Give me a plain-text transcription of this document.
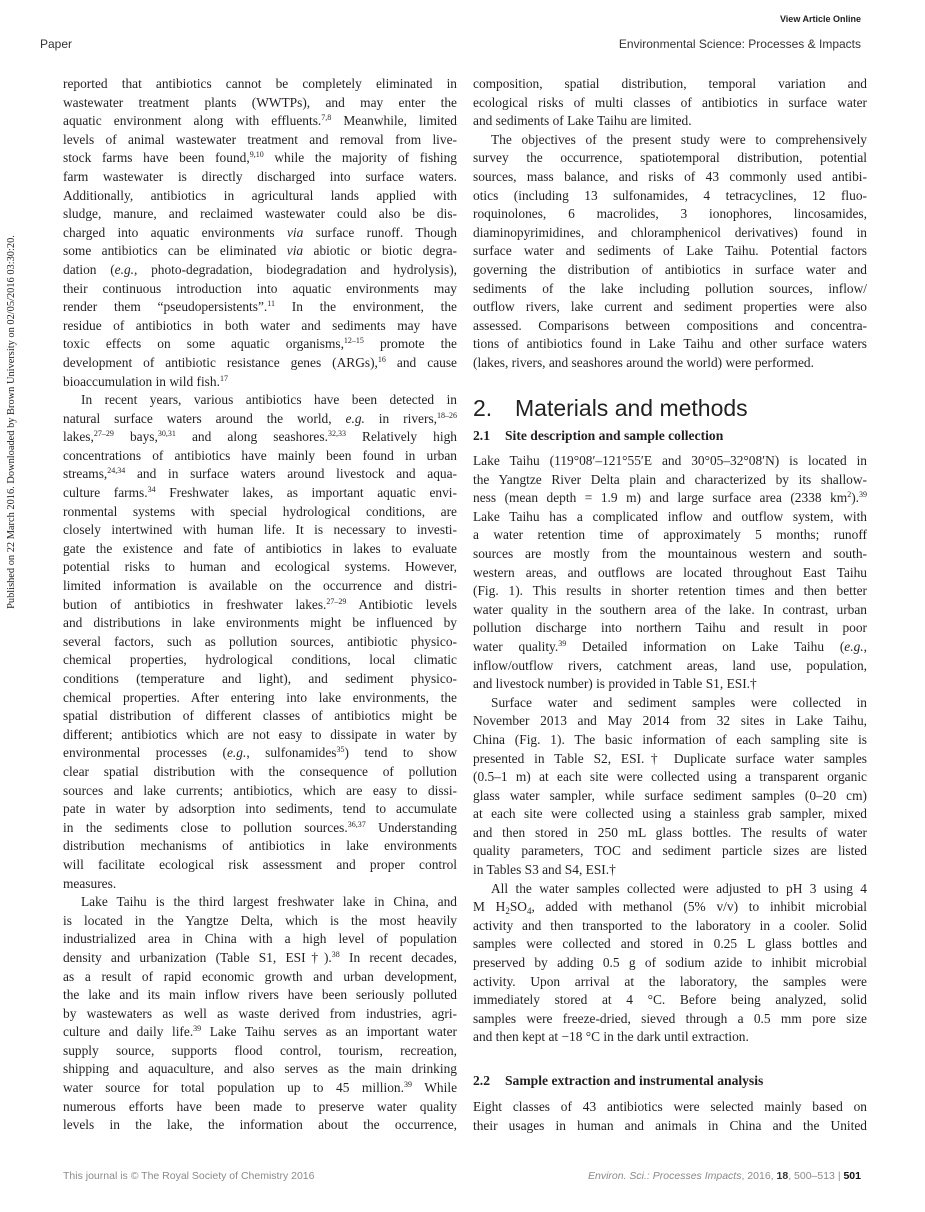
View Article Online
Paper	Environmental Science: Processes & Impacts
Published on 22 March 2016. Downloaded by Brown University on 02/05/2016 03:30:20.
reported that antibiotics cannot be completely eliminated in
wastewater treatment plants (WWTPs), and may enter the
aquatic environment along with effluents.$^{7,8}$ Meanwhile, limited
levels of animal wastewater treatment and removal from live-
stock farms have been found,$^{9,10}$ while the majority of fishing
farm wastewater is directly discharged into surface waters.
Additionally, antibiotics in agricultural lands applied with
sludge, manure, and reclaimed wastewater could also be dis-
charged into aquatic environments via surface runoff. Though
some antibiotics can be eliminated via abiotic or biotic degra-
dation (e.g., photo-degradation, biodegradation and hydrolysis),
their continuous introduction into aquatic environments may
render them “pseudopersistents”.$^{11}$ In the environment, the
residue of antibiotics in both water and sediments may have
toxic effects on some aquatic organisms,$^{12-15}$ promote the
development of antibiotic resistance genes (ARGs),$^{16}$ and cause
bioaccumulation in wild fish.$^{17}$
In recent years, various antibiotics have been detected in
natural surface waters around the world, e.g. in rivers,$^{18-26}$
lakes,$^{27-29}$ bays,$^{30,31}$ and along seashores.$^{32,33}$ Relatively high
concentrations of antibiotics have mainly been found in urban
streams,$^{24,34}$ and in surface waters around livestock and aqua-
culture farms.$^{34}$ Freshwater lakes, as important aquatic envi-
ronmental systems with special hydrological conditions, are
closely intertwined with human life. It is necessary to investi-
gate the existence and fate of antibiotics in lakes to evaluate
potential risks to human and ecological systems. However,
limited information is available on the occurrence and distri-
bution of antibiotics in freshwater lakes.$^{27-29}$ Antibiotic levels
and distributions in lake environments might be influenced by
several factors, such as pollution sources, antibiotic physico-
chemical properties, hydrological conditions, local climatic
conditions (temperature and light), and sediment physico-
chemical properties. After entering into lake environments, the
spatial distribution of different classes of antibiotics might be
different; antibiotics which are not easy to dissipate in water by
environmental processes (e.g., sulfonamides$^{35}$) tend to show
clear spatial distribution with the consequence of pollution
sources and lake currents; antibiotics, which are easy to dissi-
pate in water by adsorption into sediments, tend to accumulate
in the sediments close to pollution sources.$^{36,37}$ Understanding
distribution mechanisms of antibiotics in lake environments
will facilitate ecological risk assessment and proper control
measures.
Lake Taihu is the third largest freshwater lake in China, and
is located in the Yangtze Delta, which is the most heavily
industrialized area in China with a high level of population
density and urbanization (Table S1, ESI†).$^{38}$ In recent decades,
as a result of rapid economic growth and urban development,
the lake and its main inflow rivers have been seriously polluted
by wastewaters as well as waste derived from industries, agri-
culture and daily life.$^{39}$ Lake Taihu serves as an important water
supply source, supports flood control, tourism, recreation,
shipping and aquaculture, and also serves as the main drinking
water source for total population up to 45 million.$^{39}$ While
numerous efforts have been made to preserve water quality
levels in the lake, the information about the occurrence,
composition, spatial distribution, temporal variation and
ecological risks of multi classes of antibiotics in surface water
and sediments of Lake Taihu are limited.
The objectives of the present study were to comprehensively
survey the occurrence, spatiotemporal distribution, potential
sources, mass balance, and risks of 43 commonly used antibi-
otics (including 13 sulfonamides, 4 tetracyclines, 12 fluo-
roquinolones, 6 macrolides, 3 ionophores, lincosamides,
diaminopyrimidines, and chloramphenicol derivatives) found in
surface water and sediments of Lake Taihu. Potential factors
governing the distribution of antibiotics in surface water and
sediments of the lake including pollution sources, inflow/
outflow rivers, lake current and sediment properties were also
assessed. Comparisons between compositions and concentra-
tions of antibiotics found in Lake Taihu and other surface waters
(lakes, rivers, and seashores around the world) were performed.
2. Materials and methods
2.1 Site description and sample collection
Lake Taihu (119°08′–121°55′E and 30°05–32°08′N) is located in
the Yangtze River Delta plain and characterized by its shallow-
ness (mean depth = 1.9 m) and large surface area (2338 $km^2).^{39}$
Lake Taihu has a complicated inflow and outflow system, with
a water retention time of approximately 5 months; runoff
sources are mostly from the mountainous western and south-
western areas, and outflows are located throughout East Taihu
(Fig. 1). This results in shorter retention times and then better
water quality in the southern area of the lake. In contrast, urban
pollution discharge into northern Taihu and result in poor
water quality.$^{39}$ Detailed information on Lake Taihu (e.g.,
inflow/outflow rivers, catchment areas, land use, population,
and livestock number) is provided in Table S1, ESI.†
Surface water and sediment samples were collected in
November 2013 and May 2014 from 32 sites in Lake Taihu,
China (Fig. 1). The basic information of each sampling site is
presented in Table S2, ESI.† Duplicate surface water samples
(0.5–1 m) at each site were collected using a transparent organic
glass water sampler, while surface sediment samples (0–20 cm)
at each site were collected using a stainless grab sampler, mixed
and then stored in 250 mL glass bottles. The results of water
quality parameters, TOC and sediment particle sizes are listed
in Tables S3 and S4, ESI.†
All the water samples collected were adjusted to pH 3 using 4
M $H_2SO_4$, added with methanol (5% v/v) to inhibit microbial
activity and then transported to the laboratory in a cooler. Solid
samples were collected and stored in 0.25 L glass bottles and
preserved by adding 0.5 g of sodium azide to inhibit microbial
activity. Upon arrival at the laboratory, the samples were
immediately stored at 4 °C. Before being analyzed, solid
samples were freeze-dried, sieved through a 0.5 mm pore size
and then kept at −18 °C in the dark until extraction.
2.2 Sample extraction and instrumental analysis
Eight classes of 43 antibiotics were selected mainly based on
their usages in human and animals in China and the United
This journal is © The Royal Society of Chemistry 2016	Environ. Sci.: Processes Impacts, 2016, 18, 500–513 | 501
